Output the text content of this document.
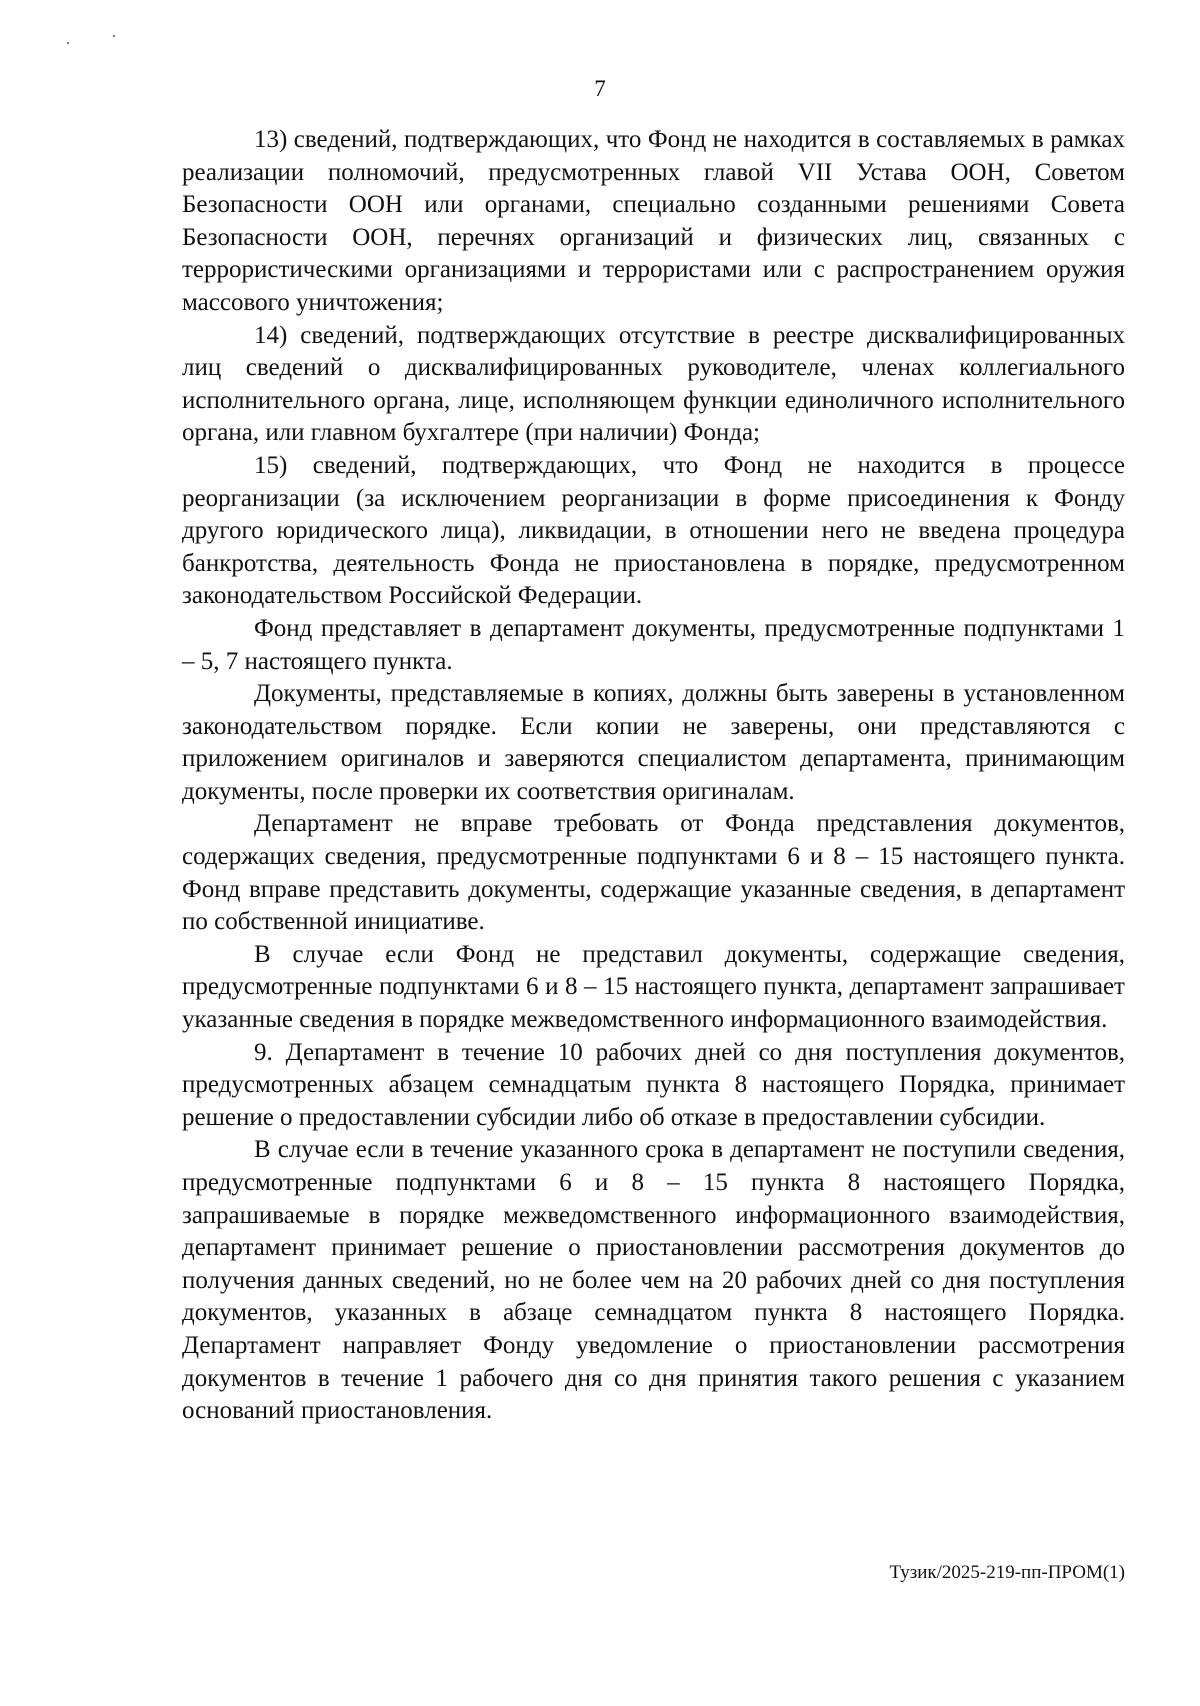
7

13) сведений, подтверждающих, что Фонд не находится в составляемых в рамках реализации полномочий, предусмотренных главой VII Устава ООН, Советом Безопасности ООН или органами, специально созданными решениями Совета Безопасности ООН, перечнях организаций и физических лиц, связанных с террористическими организациями и террористами или с распространением оружия массового уничтожения;

14) сведений, подтверждающих отсутствие в реестре дисквалифицированных лиц сведений о дисквалифицированных руководителе, членах коллегиального исполнительного органа, лице, исполняющем функции единоличного исполнительного органа, или главном бухгалтере (при наличии) Фонда;

15) сведений, подтверждающих, что Фонд не находится в процессе реорганизации (за исключением реорганизации в форме присоединения к Фонду другого юридического лица), ликвидации, в отношении него не введена процедура банкротства, деятельность Фонда не приостановлена в порядке, предусмотренном законодательством Российской Федерации.

Фонд представляет в департамент документы, предусмотренные подпунктами 1 – 5, 7 настоящего пункта.

Документы, представляемые в копиях, должны быть заверены в установленном законодательством порядке. Если копии не заверены, они представляются с приложением оригиналов и заверяются специалистом департамента, принимающим документы, после проверки их соответствия оригиналам.

Департамент не вправе требовать от Фонда представления документов, содержащих сведения, предусмотренные подпунктами 6 и 8 – 15 настоящего пункта. Фонд вправе представить документы, содержащие указанные сведения, в департамент по собственной инициативе.

В случае если Фонд не представил документы, содержащие сведения, предусмотренные подпунктами 6 и 8 – 15 настоящего пункта, департамент запрашивает указанные сведения в порядке межведомственного информационного взаимодействия.

9. Департамент в течение 10 рабочих дней со дня поступления документов, предусмотренных абзацем семнадцатым пункта 8 настоящего Порядка, принимает решение о предоставлении субсидии либо об отказе в предоставлении субсидии.

В случае если в течение указанного срока в департамент не поступили сведения, предусмотренные подпунктами 6 и 8 – 15 пункта 8 настоящего Порядка, запрашиваемые в порядке межведомственного информационного взаимодействия, департамент принимает решение о приостановлении рассмотрения документов до получения данных сведений, но не более чем на 20 рабочих дней со дня поступления документов, указанных в абзаце семнадцатом пункта 8 настоящего Порядка. Департамент направляет Фонду уведомление о приостановлении рассмотрения документов в течение 1 рабочего дня со дня принятия такого решения с указанием оснований приостановления.

Тузик/2025-219-пп-ПРОМ(1)
